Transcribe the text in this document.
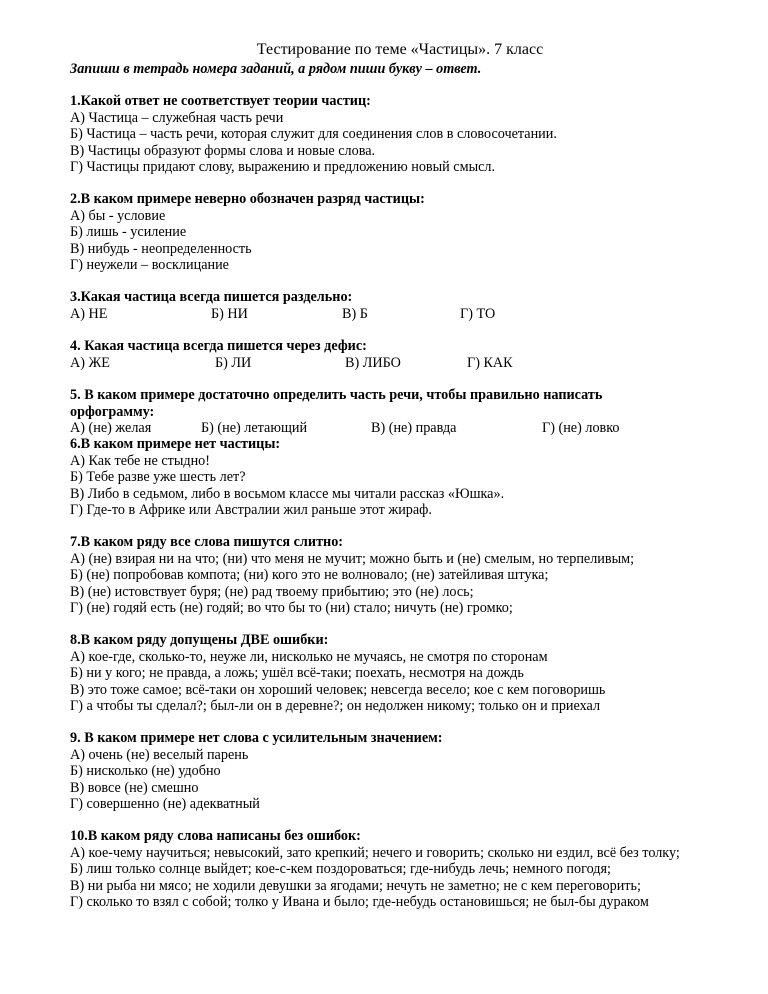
Тестирование по теме «Частицы». 7 класс
Запиши в тетрадь номера заданий, а рядом пиши букву – ответ.
1.Какой ответ не соответствует теории частиц:
А) Частица – служебная часть речи
Б) Частица – часть речи, которая служит для соединения слов в словосочетании.
В) Частицы образуют формы слова и новые слова.
Г) Частицы придают слову, выражению и предложению новый смысл.
2.В каком примере неверно обозначен разряд частицы:
А) бы - условие
Б) лишь - усиление
В) нибудь - неопределенность
Г) неужели – восклицание
3.Какая частица всегда пишется раздельно:
А) НЕ	Б) НИ	В) Б	Г) ТО
4. Какая частица всегда пишется через дефис:
А) ЖЕ	Б) ЛИ	В) ЛИБО	Г) КАК
5. В каком примере достаточно определить часть речи, чтобы правильно написать
орфограмму:
А) (не) желая	Б) (не) летающий	В) (не) правда	Г) (не) ловко
6.В каком примере нет частицы:
А) Как тебе не стыдно!
Б) Тебе разве уже шесть лет?
В) Либо в седьмом, либо в восьмом классе мы читали рассказ «Юшка».
Г) Где-то в Африке или Австралии жил раньше этот жираф.
7.В каком ряду все слова пишутся слитно:
А) (не) взирая ни на что; (ни) что меня не мучит; можно быть и (не) смелым, но терпеливым;
Б) (не) попробовав компота; (ни) кого это не волновало; (не) затейливая штука;
В) (не) истовствует буря; (не) рад твоему прибытию; это (не) лось;
Г) (не) годяй есть (не) годяй; во что бы то (ни) стало; ничуть (не) громко;
8.В каком ряду допущены ДВЕ ошибки:
А) кое-где, сколько-то, неуже ли, нисколько не мучаясь, не смотря по сторонам
Б) ни у кого; не правда, а ложь; ушёл всё-таки; поехать, несмотря на дождь
В) это тоже самое; всё-таки он хороший человек; невсегда весело; кое с кем поговоришь
Г) а чтобы ты сделал?; был-ли он в деревне?; он недолжен никому; только он и приехал
9. В каком примере нет слова с усилительным значением:
А) очень (не) веселый парень
Б) нисколько (не) удобно
В) вовсе (не) смешно
Г) совершенно (не) адекватный
10.В каком ряду слова написаны без ошибок:
А) кое-чему научиться; невысокий, зато крепкий; нечего и говорить; сколько ни ездил, всё без толку;
Б) лиш только солнце выйдет; кое-с-кем поздороваться; где-нибудь лечь; немного погодя;
В) ни рыба ни мясо; не ходили девушки за ягодами; нечуть не заметно; не с кем переговорить;
Г) сколько то взял с собой; толко у Ивана и было; где-небудь остановишься; не был-бы дураком
